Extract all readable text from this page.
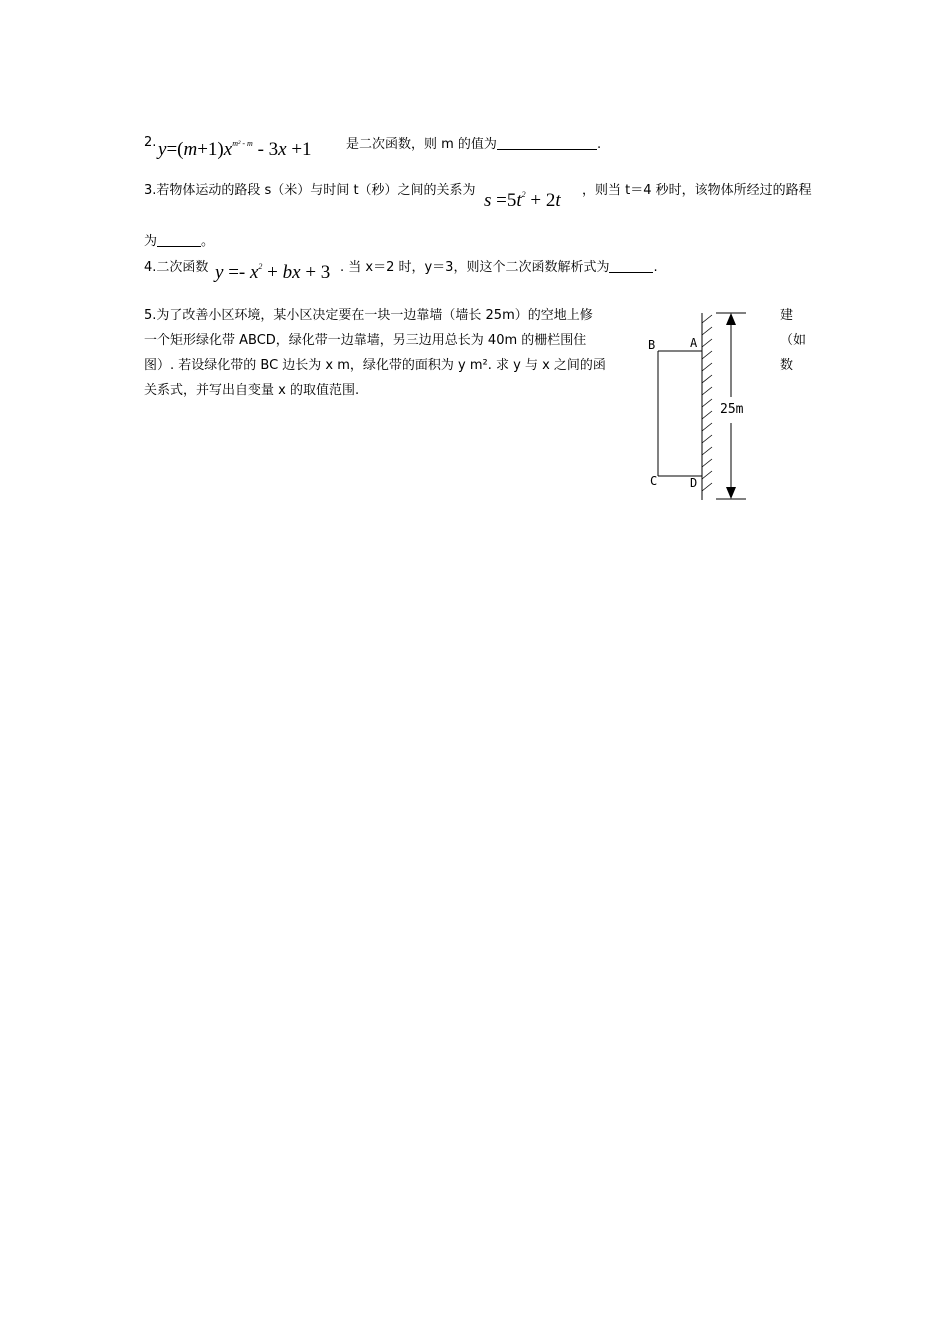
2. $y=(m+1)x^{m^2 - m} - 3x +1$	是二次函数，则 m 的值为	.
3.若物体运动的路段 s（米）与时间 t（秒）之间的关系为 $s =5t^2 + 2t$ ，则当 t＝4 秒时，该物体所经过的路程
为	。
4.二次函数 $y =- x^2$ + bx + 3 . 当 x＝2 时，y＝3，则这个二次函数解析式为	.
5.为了改善小区环境，某小区决定要在一块一边靠墙（墙长 25m）的空地上修	建
一个矩形绿化带 ABCD，绿化带一边靠墙，另三边用总长为 40m 的栅栏围住	（如
图）. 若设绿化带的 BC 边长为 x m，绿化带的面积为 y m². 求 y 与 x 之间的函	数
关系式，并写出自变量 x 的取值范围.
25m
B	A
C	D
